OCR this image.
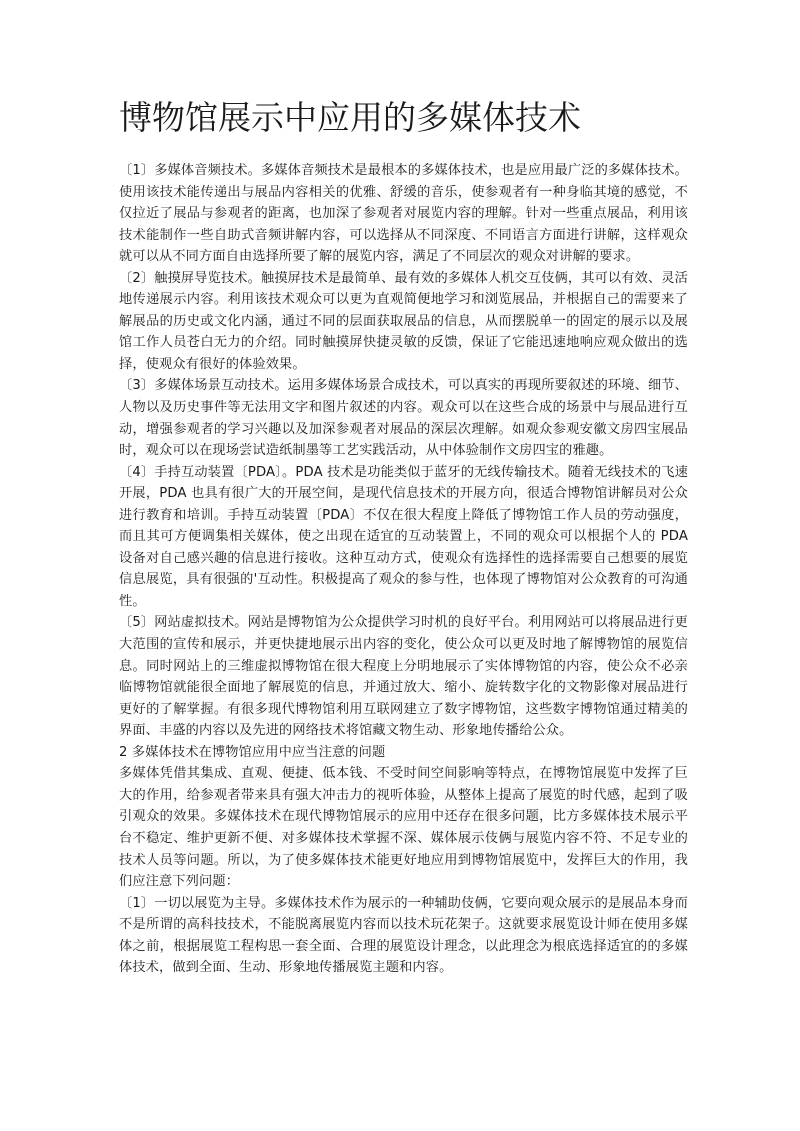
博物馆展示中应用的多媒体技术

〔1〕多媒体音频技术。多媒体音频技术是最根本的多媒体技术，也是应用最广泛的多媒体技术。使用该技术能传递出与展品内容相关的优雅、舒缓的音乐，使参观者有一种身临其境的感觉，不仅拉近了展品与参观者的距离，也加深了参观者对展览内容的理解。针对一些重点展品，利用该技术能制作一些自助式音频讲解内容，可以选择从不同深度、不同语言方面进行讲解，这样观众就可以从不同方面自由选择所要了解的展览内容，满足了不同层次的观众对讲解的要求。

〔2〕触摸屏导览技术。触摸屏技术是最简单、最有效的多媒体人机交互伎俩，其可以有效、灵活地传递展示内容。利用该技术观众可以更为直观简便地学习和浏览展品，并根据自己的需要来了解展品的历史或文化内涵，通过不同的层面获取展品的信息，从而摆脱单一的固定的展示以及展馆工作人员苍白无力的介绍。同时触摸屏快捷灵敏的反馈，保证了它能迅速地响应观众做出的选择，使观众有很好的体验效果。

〔3〕多媒体场景互动技术。运用多媒体场景合成技术，可以真实的再现所要叙述的环境、细节、人物以及历史事件等无法用文字和图片叙述的内容。观众可以在这些合成的场景中与展品进行互动，增强参观者的学习兴趣以及加深参观者对展品的深层次理解。如观众参观安徽文房四宝展品时，观众可以在现场尝试造纸制墨等工艺实践活动，从中体验制作文房四宝的雅趣。

〔4〕手持互动装置〔PDA〕。PDA 技术是功能类似于蓝牙的无线传输技术。随着无线技术的飞速开展，PDA 也具有很广大的开展空间，是现代信息技术的开展方向，很适合博物馆讲解员对公众进行教育和培训。手持互动装置〔PDA〕不仅在很大程度上降低了博物馆工作人员的劳动强度，而且其可方便调集相关媒体，使之出现在适宜的互动装置上，不同的观众可以根据个人的 PDA 设备对自己感兴趣的信息进行接收。这种互动方式，使观众有选择性的选择需要自己想要的展览信息展览，具有很强的'互动性。积极提高了观众的参与性，也体现了博物馆对公众教育的可沟通性。

〔5〕网站虚拟技术。网站是博物馆为公众提供学习时机的良好平台。利用网站可以将展品进行更大范围的宣传和展示，并更快捷地展示出内容的变化，使公众可以更及时地了解博物馆的展览信息。同时网站上的三维虚拟博物馆在很大程度上分明地展示了实体博物馆的内容，使公众不必亲临博物馆就能很全面地了解展览的信息，并通过放大、缩小、旋转数字化的文物影像对展品进行更好的了解掌握。有很多现代博物馆利用互联网建立了数字博物馆，这些数字博物馆通过精美的界面、丰盛的内容以及先进的网络技术将馆藏文物生动、形象地传播给公众。

2 多媒体技术在博物馆应用中应当注意的问题

多媒体凭借其集成、直观、便捷、低本钱、不受时间空间影响等特点，在博物馆展览中发挥了巨大的作用，给参观者带来具有强大冲击力的视听体验，从整体上提高了展览的时代感，起到了吸引观众的效果。多媒体技术在现代博物馆展示的应用中还存在很多问题，比方多媒体技术展示平台不稳定、维护更新不便、对多媒体技术掌握不深、媒体展示伎俩与展览内容不符、不足专业的技术人员等问题。所以，为了使多媒体技术能更好地应用到博物馆展览中，发挥巨大的作用，我们应注意下列问题：

〔1〕一切以展览为主导。多媒体技术作为展示的一种辅助伎俩，它要向观众展示的是展品本身而不是所谓的高科技技术，不能脱离展览内容而以技术玩花架子。这就要求展览设计师在使用多媒体之前，根据展览工程构思一套全面、合理的展览设计理念，以此理念为根底选择适宜的的多媒体技术，做到全面、生动、形象地传播展览主题和内容。
